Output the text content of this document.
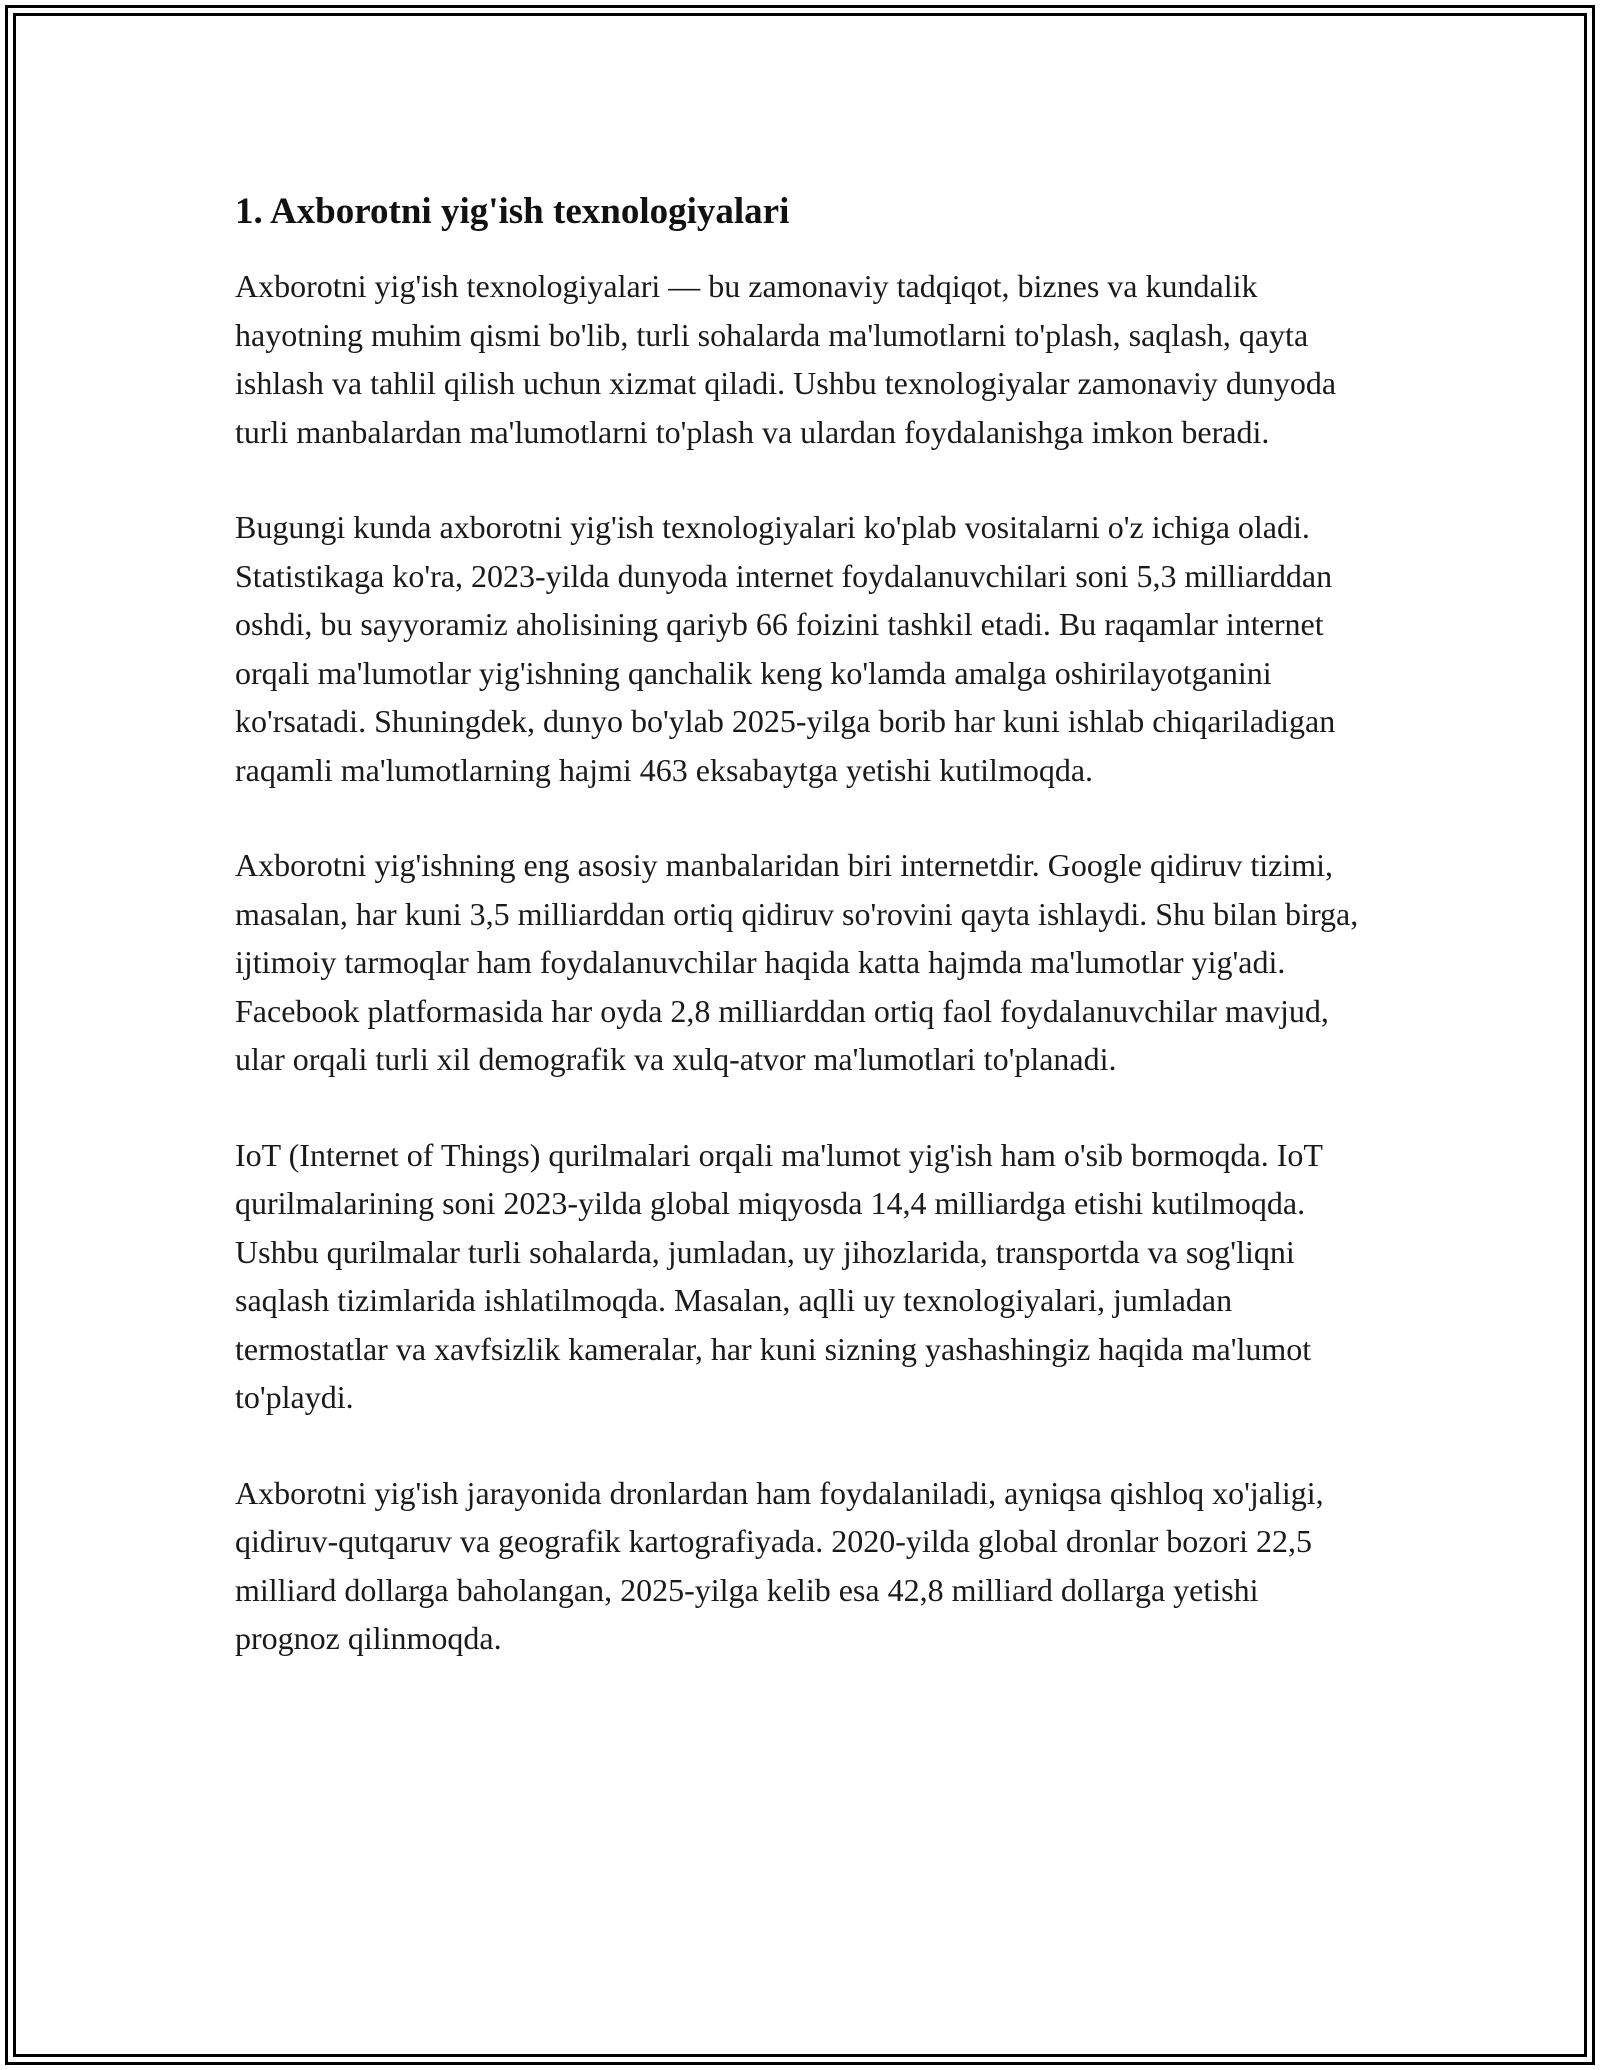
1. Axborotni yig'ish texnologiyalari

Axborotni yig'ish texnologiyalari — bu zamonaviy tadqiqot, biznes va kundalik hayotning muhim qismi bo'lib, turli sohalarda ma'lumotlarni to'plash, saqlash, qayta ishlash va tahlil qilish uchun xizmat qiladi. Ushbu texnologiyalar zamonaviy dunyoda turli manbalardan ma'lumotlarni to'plash va ulardan foydalanishga imkon beradi.

Bugungi kunda axborotni yig'ish texnologiyalari ko'plab vositalarni o'z ichiga oladi. Statistikaga ko'ra, 2023-yilda dunyoda internet foydalanuvchilari soni 5,3 milliarddan oshdi, bu sayyoramiz aholisining qariyb 66 foizini tashkil etadi. Bu raqamlar internet orqali ma'lumotlar yig'ishning qanchalik keng ko'lamda amalga oshirilayotganini ko'rsatadi. Shuningdek, dunyo bo'ylab 2025-yilga borib har kuni ishlab chiqariladigan raqamli ma'lumotlarning hajmi 463 eksabaytga yetishi kutilmoqda.

Axborotni yig'ishning eng asosiy manbalaridan biri internetdir. Google qidiruv tizimi, masalan, har kuni 3,5 milliarddan ortiq qidiruv so'rovini qayta ishlaydi. Shu bilan birga, ijtimoiy tarmoqlar ham foydalanuvchilar haqida katta hajmda ma'lumotlar yig'adi. Facebook platformasida har oyda 2,8 milliarddan ortiq faol foydalanuvchilar mavjud, ular orqali turli xil demografik va xulq-atvor ma'lumotlari to'planadi.

IoT (Internet of Things) qurilmalari orqali ma'lumot yig'ish ham o'sib bormoqda. IoT qurilmalarining soni 2023-yilda global miqyosda 14,4 milliardga etishi kutilmoqda. Ushbu qurilmalar turli sohalarda, jumladan, uy jihozlarida, transportda va sog'liqni saqlash tizimlarida ishlatilmoqda. Masalan, aqlli uy texnologiyalari, jumladan termostatlar va xavfsizlik kameralar, har kuni sizning yashashingiz haqida ma'lumot to'playdi.

Axborotni yig'ish jarayonida dronlardan ham foydalaniladi, ayniqsa qishloq xo'jaligi, qidiruv-qutqaruv va geografik kartografiyada. 2020-yilda global dronlar bozori 22,5 milliard dollarga baholangan, 2025-yilga kelib esa 42,8 milliard dollarga yetishi prognoz qilinmoqda.
